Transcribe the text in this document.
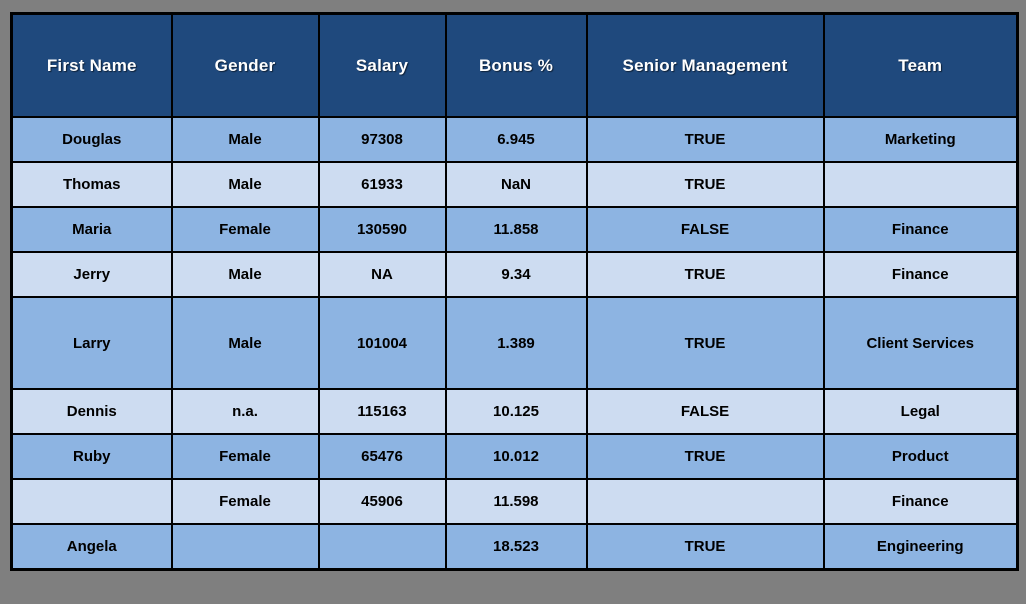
First Name	Gender	Salary	Bonus %	Senior Management	Team
Douglas	Male	97308	6.945	TRUE	Marketing
Thomas	Male	61933	NaN	TRUE	
Maria	Female	130590	11.858	FALSE	Finance
Jerry	Male	NA	9.34	TRUE	Finance
Larry	Male	101004	1.389	TRUE	Client Services
Dennis	n.a.	115163	10.125	FALSE	Legal
Ruby	Female	65476	10.012	TRUE	Product
	Female	45906	11.598		Finance
Angela			18.523	TRUE	Engineering
